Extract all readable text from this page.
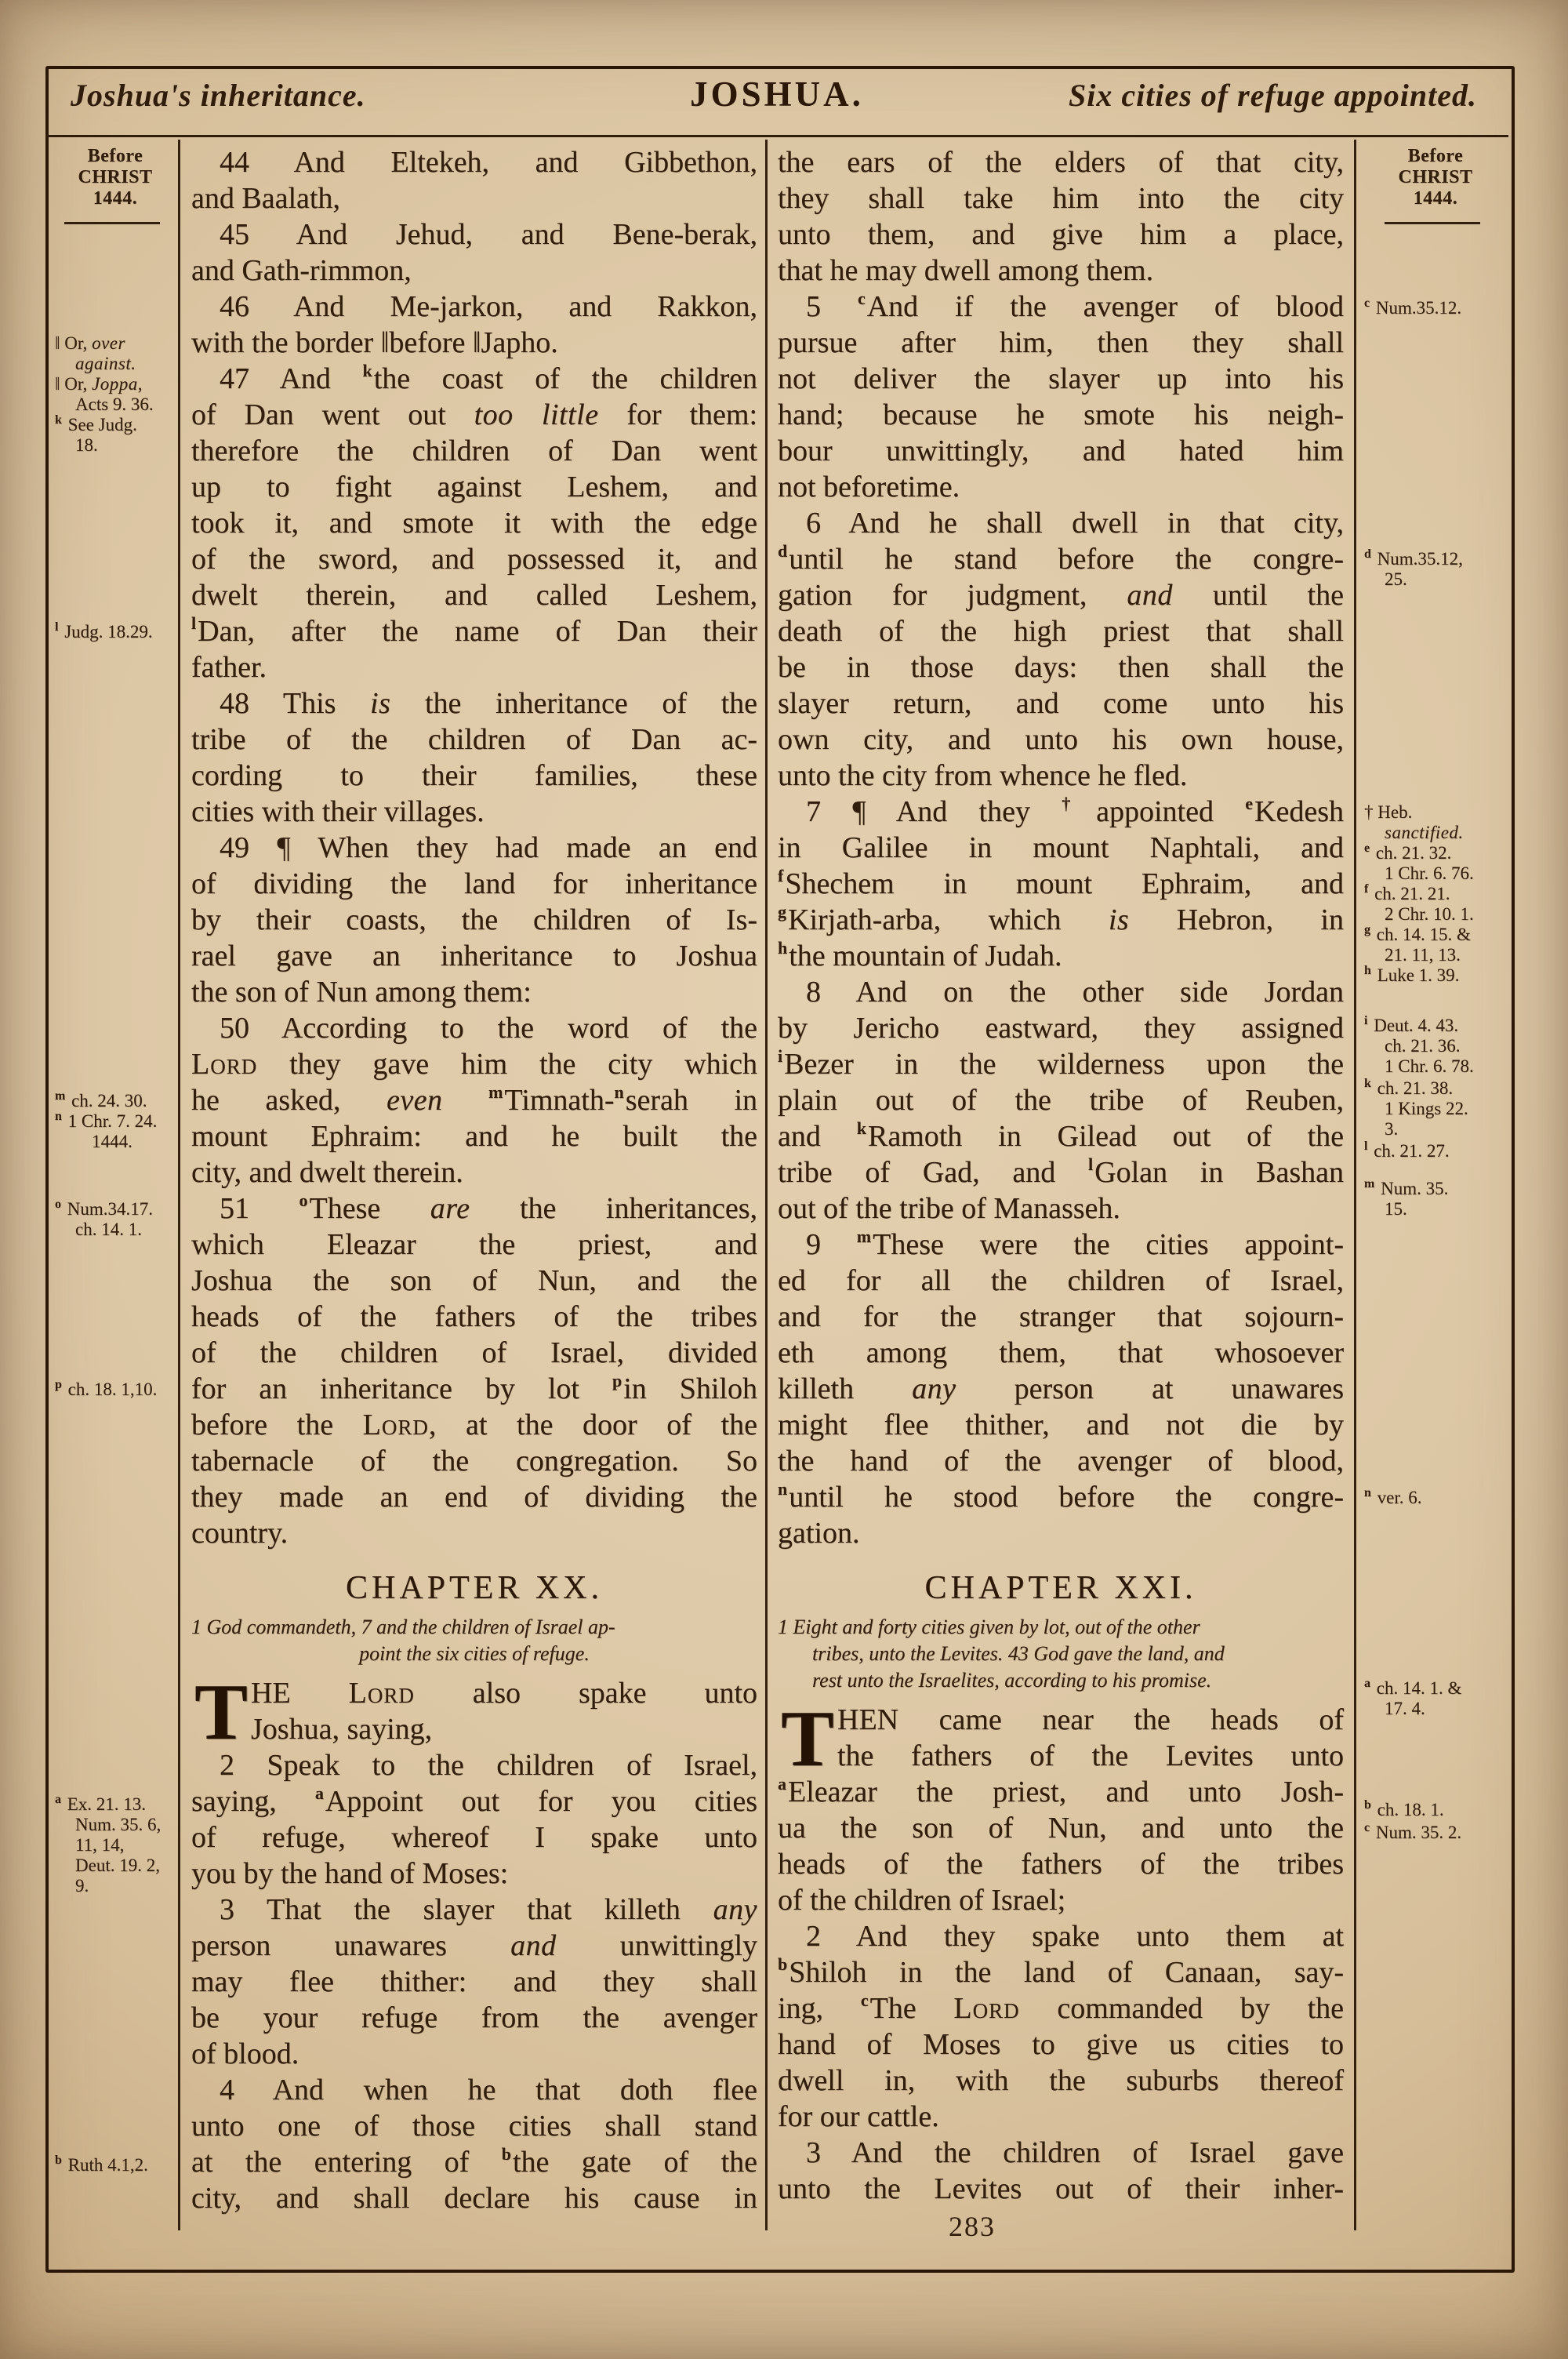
Joshua's inheritance.	JOSHUA.	Six cities of refuge appointed.
Before
CHRIST
1444.
‖ Or, over
against.
‖ Or, Joppa,
Acts 9. 36.
$^k$ See Judg.
18.
$^l$ Judg. 18.29.
$^m$ ch. 24. 30.
$^n$ 1 Chr. 7. 24.
1444.
$^o$ Num.34.17.
ch. 14. 1.
$^p$ ch. 18. 1,10.
$^a$ Ex. 21. 13.
Num. 35. 6,
11, 14,
Deut. 19. 2,
9.
$^b$ Ruth 4.1,2.
44 And Eltekeh, and Gibbethon,
and Baalath,
45 And Jehud, and Bene-berak,
and Gath-rimmon,
46 And Me-jarkon, and Rakkon,
with the border ‖before ‖Japho.
47 And $^k$the coast of the children
of Dan went out too little for them:
therefore the children of Dan went
up to fight against Leshem, and
took it, and smote it with the edge
of the sword, and possessed it, and
dwelt therein, and called Leshem,
$^l$Dan, after the name of Dan their
father.
48 This is the inheritance of the
tribe of the children of Dan ac-
cording to their families, these
cities with their villages.
49 ¶ When they had made an end
of dividing the land for inheritance
by their coasts, the children of Is-
rael gave an inheritance to Joshua
the son of Nun among them:
50 According to the word of the
Lord they gave him the city which
he asked, even	$^m$Timnath-$^n$serah in
mount Ephraim: and he built the
city, and dwelt therein.
51 $^o$These are the inheritances,
which Eleazar the priest, and
Joshua the son of Nun, and the
heads of the fathers of the tribes
of the children of Israel, divided
for an inheritance by lot $^p$in Shiloh
before the Lord, at the door of the
tabernacle of the congregation. So
they made an end of dividing the
country.
CHAPTER XX.
1 God commandeth, 7 and the children of Israel ap-
point the six cities of refuge.
T HE Lord also spake unto
Joshua, saying,
2 Speak to the children of Israel,
saying, $^a$Appoint out for you cities
of refuge, whereof I spake unto
you by the hand of Moses:
3 That the slayer that killeth any
person unawares and unwittingly
may flee thither: and they shall
be your refuge from the avenger
of blood.
4 And when he that doth flee
unto one of those cities shall stand
at the entering of $^b$the gate of the
city, and shall declare his cause in
the ears of the elders of that city,
they shall take him into the city
unto them, and give him a place,
that he may dwell among them.
5 $^c$And if the avenger of blood
pursue after him, then they shall
not deliver the slayer up into his
hand; because he smote his neigh-
bour unwittingly, and hated him
not beforetime.
6 And he shall dwell in that city,
$^d$until he stand before the congre-
gation for judgment, and until the
death of the high priest that shall
be in those days: then shall the
slayer return, and come unto his
own city, and unto his own house,
unto the city from whence he fled.
7 ¶ And they †appointed $^e$Kedesh
in Galilee in mount Naphtali, and
$^f$Shechem in mount Ephraim, and
$^g$Kirjath-arba, which is Hebron, in
$^h$the mountain of Judah.
8 And on the other side Jordan
by Jericho eastward, they assigned
$^i$Bezer in the wilderness upon the
plain out of the tribe of Reuben,
and $^k$Ramoth in Gilead out of the
tribe of Gad, and $^l$Golan in Bashan
out of the tribe of Manasseh.
9 $^m$These were the cities appoint-
ed for all the children of Israel,
and for the stranger that sojourn-
eth among them, that whosoever
killeth any person at unawares
might flee thither, and not die by
the hand of the avenger of blood,
$^n$until he stood before the congre-
gation.
CHAPTER XXI.
1 Eight and forty cities given by lot, out of the other
tribes, unto the Levites. 43 God gave the land, and
rest unto the Israelites, according to his promise.
T HEN came near the heads of
the fathers of the Levites unto
$^a$Eleazar the priest, and unto Josh-
ua the son of Nun, and unto the
heads of the fathers of the tribes
of the children of Israel;
2 And they spake unto them at
$^b$Shiloh in the land of Canaan, say-
ing, $^c$The Lord commanded by the
hand of Moses to give us cities to
dwell in, with the suburbs thereof
for our cattle.
3 And the children of Israel gave
unto the Levites out of their inher-
Before
CHRIST
1444.
$^c$ Num.35.12.
$^d$ Num.35.12,
25.
† Heb.
sanctified.
$^e$ ch. 21. 32.
1 Chr. 6. 76.
$^f$ ch. 21. 21.
2 Chr. 10. 1.
$^g$ ch. 14. 15. &
21. 11, 13.
$^h$ Luke 1. 39.
$^i$ Deut. 4. 43.
ch. 21. 36.
1 Chr. 6. 78.
$^k$ ch. 21. 38.
1 Kings 22.
3.
$^l$ ch. 21. 27.
$^m$ Num. 35.
15.
$^n$ ver. 6.
$^a$ ch. 14. 1. &
17. 4.
$^b$ ch. 18. 1.
$^c$ Num. 35. 2.
283
